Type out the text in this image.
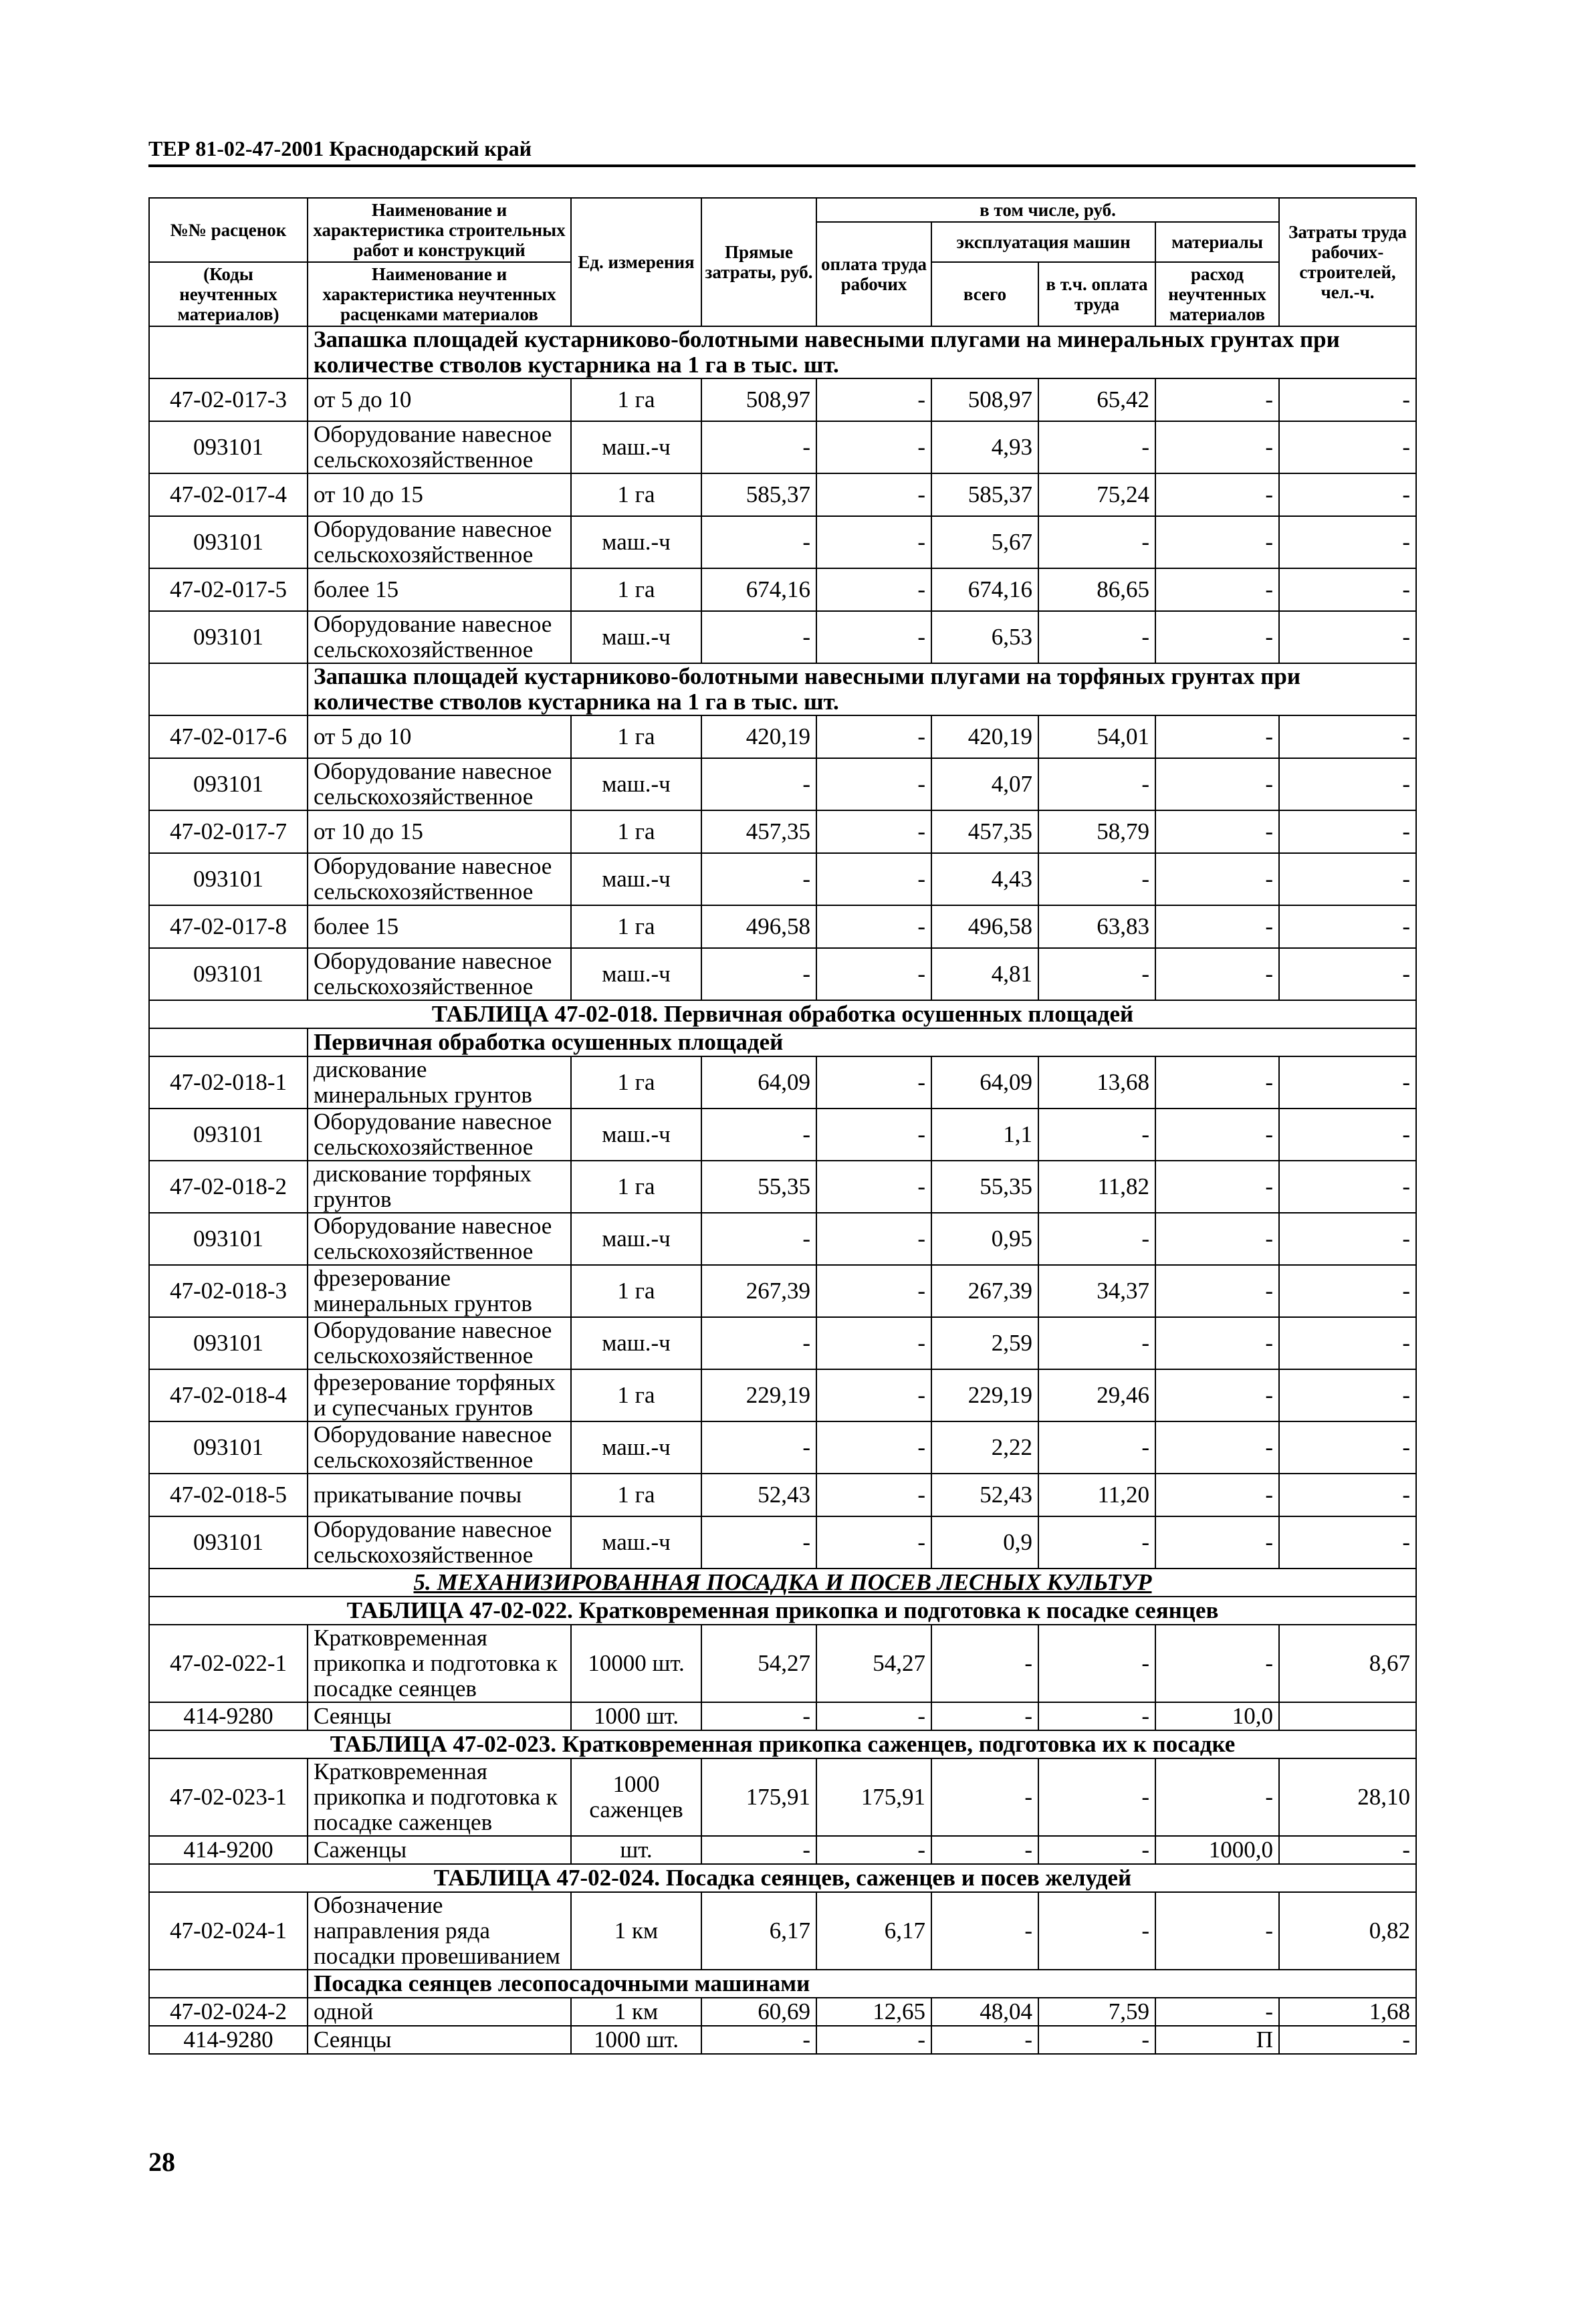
ТЕР 81-02-47-2001 Краснодарский край
№№ расценок	Наименование и характеристика строительных работ и конструкций	Ед. измерения	Прямые затраты, руб.	в том числе, руб.				Затраты труда рабочих-строителей, чел.-ч.
				оплата труда рабочих	эксплуатация машин		материалы	
(Коды неучтенных материалов)	Наименование и характеристика неучтенных расценками материалов				всего	в т.ч. оплата труда	расход неучтенных материалов	

	Запашка площадей кустарниково-болотными навесными плугами на минеральных грунтах при количестве стволов кустарника на 1 га в тыс. шт.							
47-02-017-3	от 5 до 10	1 га	508,97	-	508,97	65,42	-	-
093101	Оборудование навесное сельскохозяйственное	маш.-ч	-	-	4,93	-	-	-
47-02-017-4	от 10 до 15	1 га	585,37	-	585,37	75,24	-	-
093101	Оборудование навесное сельскохозяйственное	маш.-ч	-	-	5,67	-	-	-
47-02-017-5	более 15	1 га	674,16	-	674,16	86,65	-	-
093101	Оборудование навесное сельскохозяйственное	маш.-ч	-	-	6,53	-	-	-
	Запашка площадей кустарниково-болотными навесными плугами на торфяных грунтах при количестве стволов кустарника на 1 га в тыс. шт.							
47-02-017-6	от 5 до 10	1 га	420,19	-	420,19	54,01	-	-
093101	Оборудование навесное сельскохозяйственное	маш.-ч	-	-	4,07	-	-	-
47-02-017-7	от 10 до 15	1 га	457,35	-	457,35	58,79	-	-
093101	Оборудование навесное сельскохозяйственное	маш.-ч	-	-	4,43	-	-	-
47-02-017-8	более 15	1 га	496,58	-	496,58	63,83	-	-
093101	Оборудование навесное сельскохозяйственное	маш.-ч	-	-	4,81	-	-	-
ТАБЛИЦА 47-02-018. Первичная обработка осушенных площадей								
	Первичная обработка осушенных площадей							
47-02-018-1	дискование минеральных грунтов	1 га	64,09	-	64,09	13,68	-	-
093101	Оборудование навесное сельскохозяйственное	маш.-ч	-	-	1,1	-	-	-
47-02-018-2	дискование торфяных грунтов	1 га	55,35	-	55,35	11,82	-	-
093101	Оборудование навесное сельскохозяйственное	маш.-ч	-	-	0,95	-	-	-
47-02-018-3	фрезерование минеральных грунтов	1 га	267,39	-	267,39	34,37	-	-
093101	Оборудование навесное сельскохозяйственное	маш.-ч	-	-	2,59	-	-	-
47-02-018-4	фрезерование торфяных и супесчаных грунтов	1 га	229,19	-	229,19	29,46	-	-
093101	Оборудование навесное сельскохозяйственное	маш.-ч	-	-	2,22	-	-	-
47-02-018-5	прикатывание почвы	1 га	52,43	-	52,43	11,20	-	-
093101	Оборудование навесное сельскохозяйственное	маш.-ч	-	-	0,9	-	-	-
5. МЕХАНИЗИРОВАННАЯ ПОСАДКА И ПОСЕВ ЛЕСНЫХ КУЛЬТУР								
ТАБЛИЦА 47-02-022. Кратковременная прикопка и подготовка к посадке сеянцев								
47-02-022-1	Кратковременная прикопка и подготовка к посадке сеянцев	10000 шт.	54,27	54,27	-	-	-	8,67
414-9280	Сеянцы	1000 шт.	-	-	-	-	10,0	
ТАБЛИЦА 47-02-023. Кратковременная прикопка саженцев, подготовка их к посадке								
47-02-023-1	Кратковременная прикопка и подготовка к посадке саженцев	1000 саженцев	175,91	175,91	-	-	-	28,10
414-9200	Саженцы	шт.	-	-	-	-	1000,0	-
ТАБЛИЦА 47-02-024. Посадка сеянцев, саженцев и посев желудей								
47-02-024-1	Обозначение направления ряда посадки провешиванием	1 км	6,17	6,17	-	-	-	0,82
	Посадка сеянцев лесопосадочными машинами							
47-02-024-2	одной	1 км	60,69	12,65	48,04	7,59	-	1,68
414-9280	Сеянцы	1000 шт.	-	-	-	-	П	-
28
